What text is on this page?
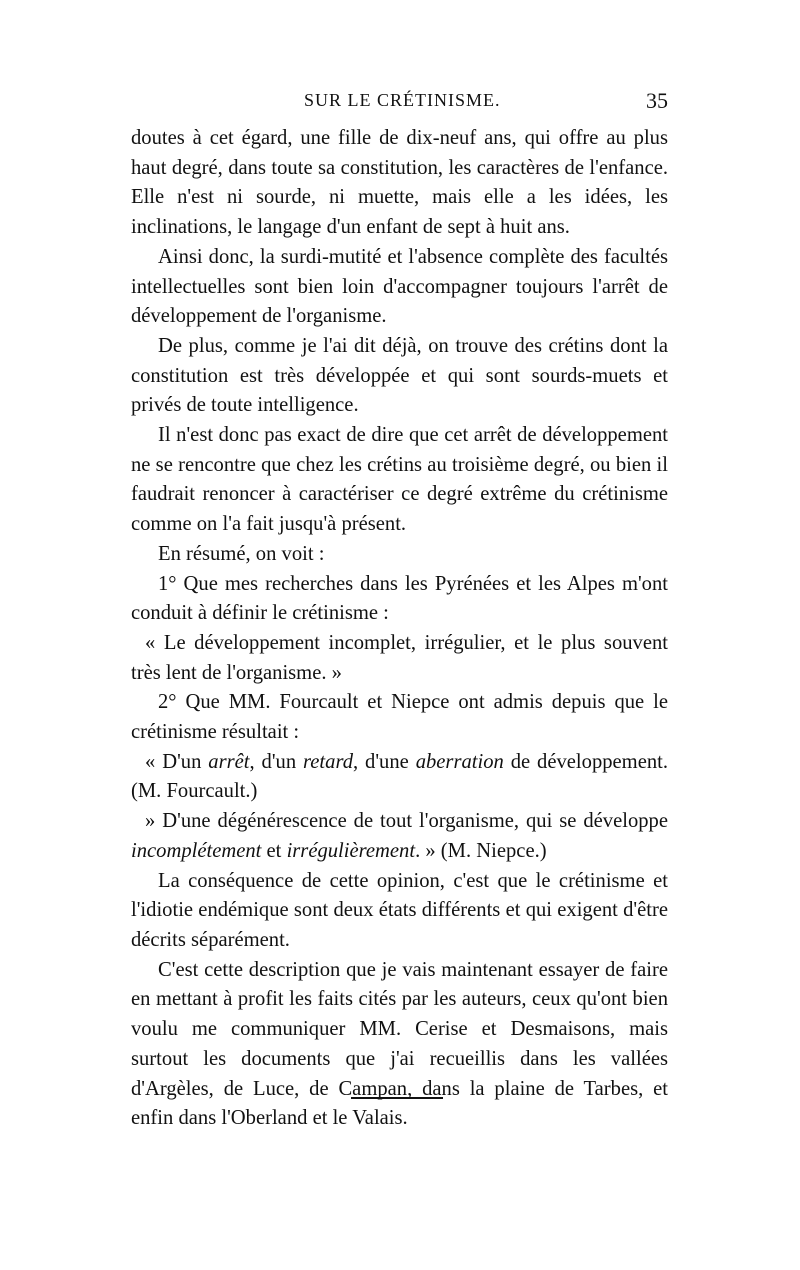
SUR LE CRÉTINISME.	35

doutes à cet égard, une fille de dix-neuf ans, qui offre au plus haut degré, dans toute sa constitution, les caractères de l'enfance. Elle n'est ni sourde, ni muette, mais elle a les idées, les inclinations, le langage d'un enfant de sept à huit ans.

Ainsi donc, la surdi-mutité et l'absence complète des facultés intellectuelles sont bien loin d'accompagner toujours l'arrêt de développement de l'organisme.

De plus, comme je l'ai dit déjà, on trouve des crétins dont la constitution est très développée et qui sont sourds-muets et privés de toute intelligence.

Il n'est donc pas exact de dire que cet arrêt de développement ne se rencontre que chez les crétins au troisième degré, ou bien il faudrait renoncer à caractériser ce degré extrême du crétinisme comme on l'a fait jusqu'à présent.

En résumé, on voit :

1° Que mes recherches dans les Pyrénées et les Alpes m'ont conduit à définir le crétinisme :

« Le développement incomplet, irrégulier, et le plus souvent très lent de l'organisme. »

2° Que MM. Fourcault et Niepce ont admis depuis que le crétinisme résultait :

« D'un arrêt, d'un retard, d'une aberration de développement. (M. Fourcault.)

» D'une dégénérescence de tout l'organisme, qui se développe incomplétement et irrégulièrement. » (M. Niepce.)

La conséquence de cette opinion, c'est que le crétinisme et l'idiotie endémique sont deux états différents et qui exigent d'être décrits séparément.

C'est cette description que je vais maintenant essayer de faire en mettant à profit les faits cités par les auteurs, ceux qu'ont bien voulu me communiquer MM. Cerise et Desmaisons, mais surtout les documents que j'ai recueillis dans les vallées d'Argèles, de Luce, de Campan, dans la plaine de Tarbes, et enfin dans l'Oberland et le Valais.
